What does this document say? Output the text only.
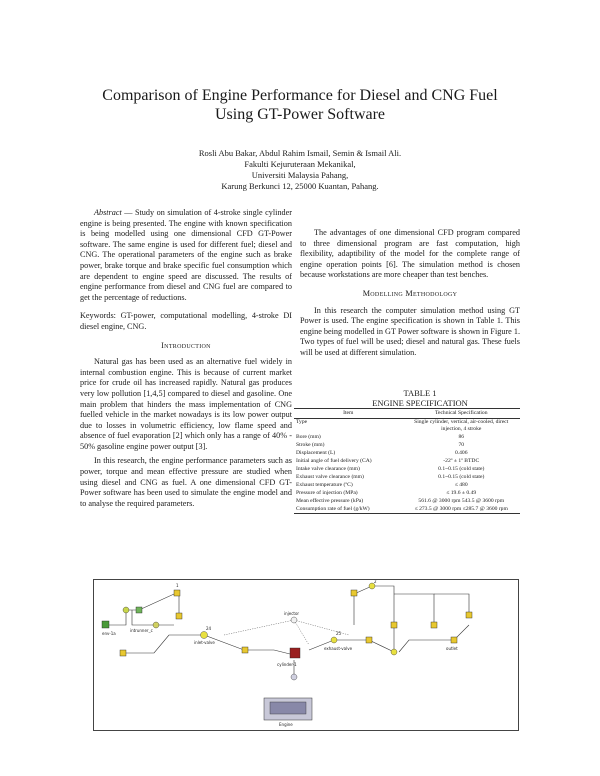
Comparison of Engine Performance for Diesel and CNG Fuel
Using GT-Power Software
Rosli Abu Bakar, Abdul Rahim Ismail, Semin & Ismail Ali.
Fakulti Kejuruteraan Mekanikal,
Universiti Malaysia Pahang,
Karung Berkunci 12, 25000 Kuantan, Pahang.

Abstract — Study on simulation of 4-stroke single cylinder engine is being presented. The engine with known specification is being modelled using one dimensional CFD GT-Power software. The same engine is used for different fuel; diesel and CNG. The operational parameters of the engine such as brake power, brake torque and brake specific fuel consumption which are dependent to engine speed are discussed. The results of engine performance from diesel and CNG fuel are compared to get the percentage of reductions.

Keywords: GT-power, computational modelling, 4-stroke DI diesel engine, CNG.

Introduction

Natural gas has been used as an alternative fuel widely in internal combustion engine. This is because of current market price for crude oil has increased rapidly. Natural gas produces very low pollution [1,4,5] compared to diesel and gasoline. One main problem that hinders the mass implementation of CNG fuelled vehicle in the market nowadays is its low power output due to losses in volumetric efficiency, low flame speed and absence of fuel evaporation [2] which only has a range of 40% - 50% gasoline engine power output [3].

In this research, the engine performance parameters such as power, torque and mean effective pressure are studied when using diesel and CNG as fuel. A one dimensional CFD GT-Power software has been used to simulate the engine model and to analyse the required parameters.

The advantages of one dimensional CFD program compared to three dimensional program are fast computation, high flexibility, adaptibility of the model for the complete range of engine operation points [6]. The simulation method is chosen because workstations are more cheaper than test benches.

Modelling Methodology

In this research the computer simulation method using GT Power is used. The engine specification is shown in Table 1. This engine being modelled in GT Power software is shown in Figure 1. Two types of fuel will be used; diesel and natural gas. These fuels will be used at different simulation.

TABLE 1
ENGINE SPECIFICATION
Item	Technical Specification
Type	Single cylinder, vertical, air-cooled, direct injection, 4 stroke
Bore (mm)	86
Stroke (mm)	70
Displacement (L)	0.406
Initial angle of fuel delivery (CA)	-22º ± 1º BTDC
Intake valve clearance (mm)	0.1~0.15 (cold state)
Exhaust valve clearance (mm)	0.1~0.15 (cold state)
Exhaust temperature (ºC)	≤ 480
Pressure of injection (MPa)	≤ 19.6 ± 0.49
Mean effective pressure (kPa)	561.6 @ 3000 rpm 543.5 @ 3600 rpm
Consumption rate of fuel (g/kW)	≤ 273.5 @ 3000 rpm ≤285.7 @ 3600 rpm
env-1a
intrunner_c
inlet-valve
cylinder-1
injector
exhaust-valve	outlet
Engine
1
2
24
25
